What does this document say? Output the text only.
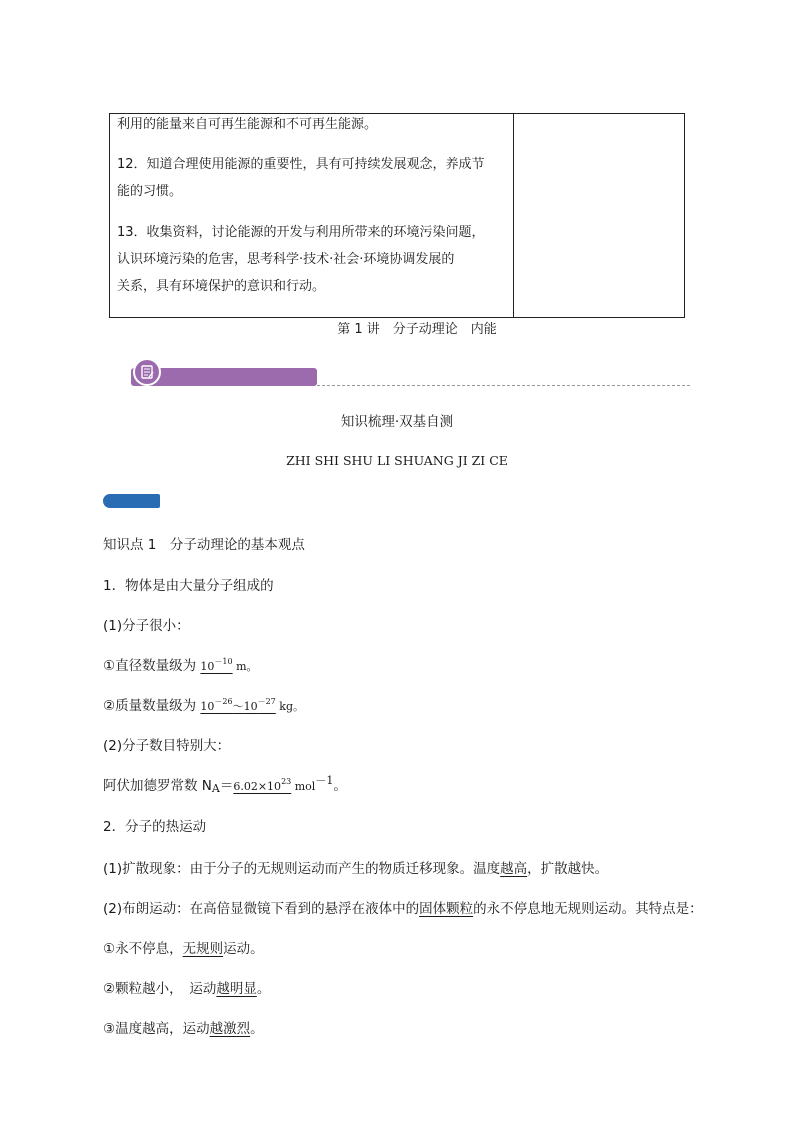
利用的能量来自可再生能源和不可再生能源。
12．知道合理使用能源的重要性，具有可持续发展观念，养成节
能的习惯。
13．收集资料，讨论能源的开发与利用所带来的环境污染问题，
认识环境污染的危害，思考科学·技术·社会·环境协调发展的
关系，具有环境保护的意识和行动。
第 1 讲　分子动理论　内能
知识梳理·双基自测
ZHI SHI SHU LI SHUANG JI ZI CE
知识点 1　分子动理论的基本观点
1．物体是由大量分子组成的
(1)分子很小：
①直径数量级为 $10^{-10}$ m。
②质量数量级为 $10^{-26}\sim 10^{-27}$ kg。
(2)分子数目特别大：
阿伏加德罗常数 $N_A=6.02\times 10^{23}$ mol$^{-1}$。
2．分子的热运动
(1)扩散现象：由于分子的无规则运动而产生的物质迁移现象。温度越高，扩散越快。
(2)布朗运动：在高倍显微镜下看到的悬浮在液体中的固体颗粒的永不停息地无规则运动。其特点是：
①永不停息，无规则运动。
②颗粒越小，　运动越明显。
③温度越高，运动越激烈。
